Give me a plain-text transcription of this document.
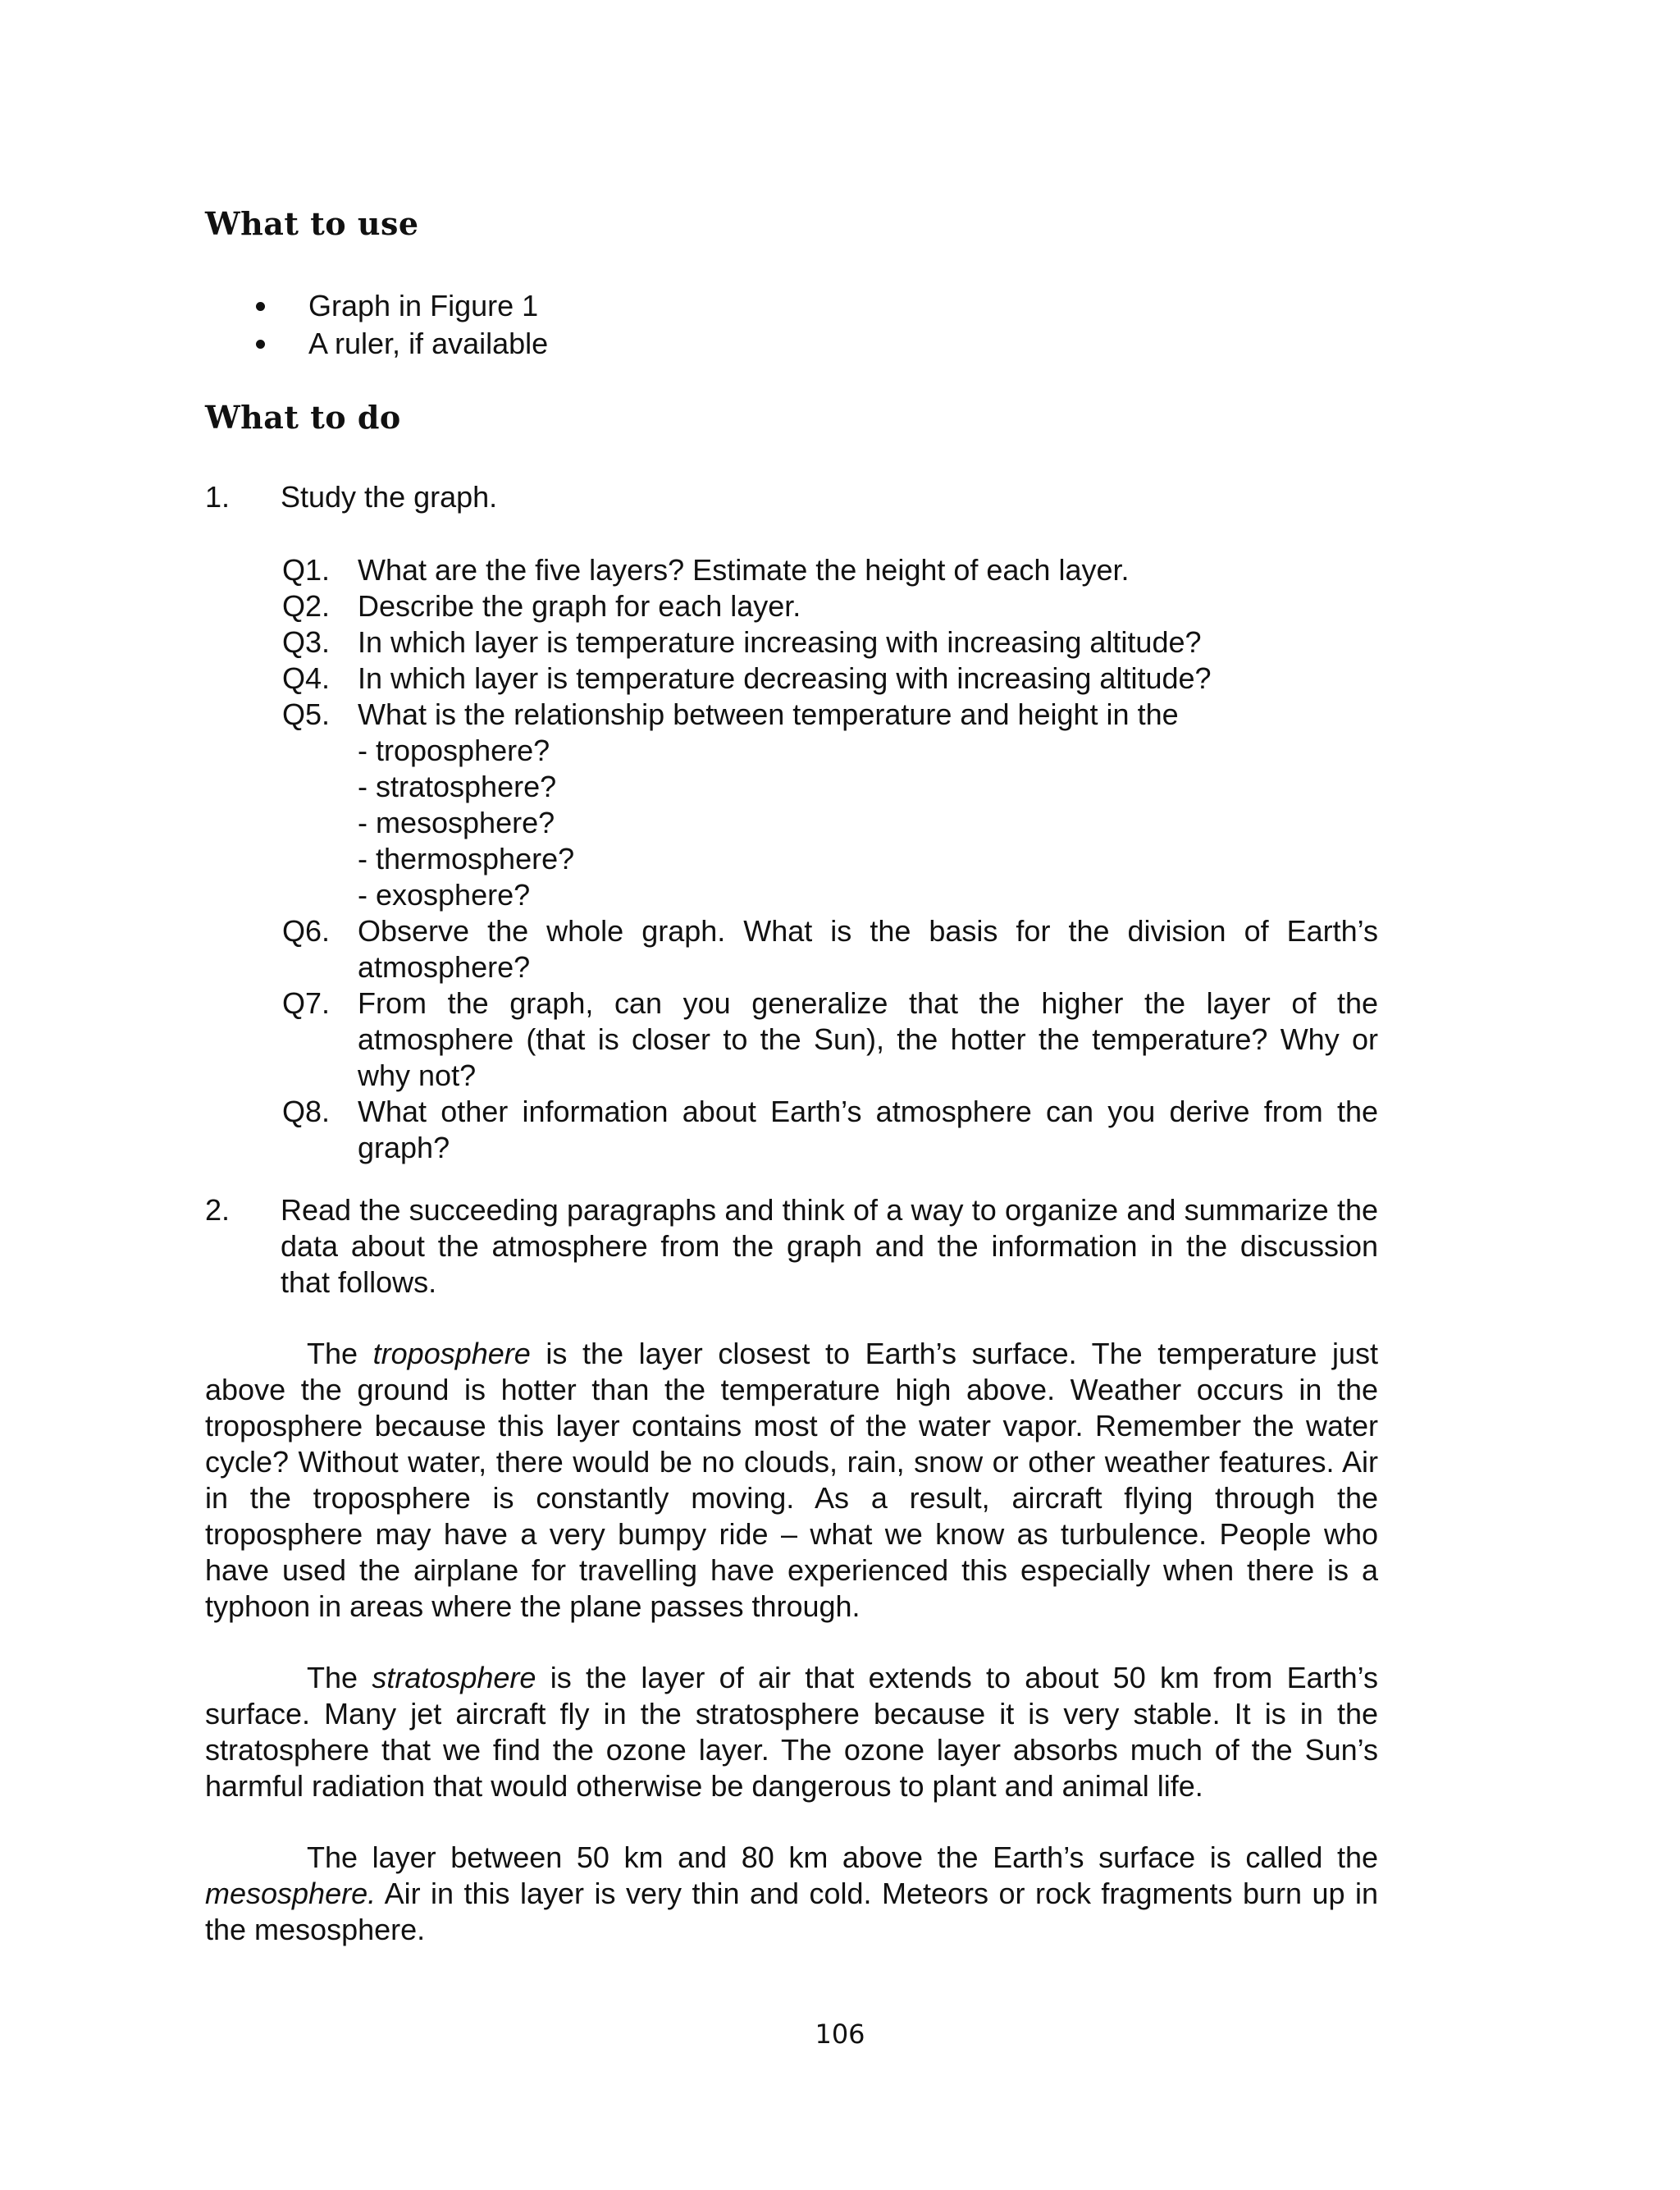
What to use
Graph in Figure 1
A ruler, if available
What to do
1. Study the graph.
Q1. What are the five layers? Estimate the height of each layer.
Q2. Describe the graph for each layer.
Q3. In which layer is temperature increasing with increasing altitude?
Q4. In which layer is temperature decreasing with increasing altitude?
Q5. What is the relationship between temperature and height in the
- troposphere?
- stratosphere?
- mesosphere?
- thermosphere?
- exosphere?
Q6. Observe the whole graph. What is the basis for the division of Earth’s atmosphere?
Q7. From the graph, can you generalize that the higher the layer of the atmosphere (that is closer to the Sun), the hotter the temperature? Why or why not?
Q8. What other information about Earth’s atmosphere can you derive from the graph?
2. Read the succeeding paragraphs and think of a way to organize and summarize the data about the atmosphere from the graph and the information in the discussion that follows.

The troposphere is the layer closest to Earth’s surface. The temperature just above the ground is hotter than the temperature high above. Weather occurs in the troposphere because this layer contains most of the water vapor. Remember the water cycle? Without water, there would be no clouds, rain, snow or other weather features. Air in the troposphere is constantly moving. As a result, aircraft flying through the troposphere may have a very bumpy ride – what we know as turbulence. People who have used the airplane for travelling have experienced this especially when there is a typhoon in areas where the plane passes through.

The stratosphere is the layer of air that extends to about 50 km from Earth’s surface. Many jet aircraft fly in the stratosphere because it is very stable. It is in the stratosphere that we find the ozone layer. The ozone layer absorbs much of the Sun’s harmful radiation that would otherwise be dangerous to plant and animal life.

The layer between 50 km and 80 km above the Earth’s surface is called the mesosphere. Air in this layer is very thin and cold. Meteors or rock fragments burn up in the mesosphere.

106
